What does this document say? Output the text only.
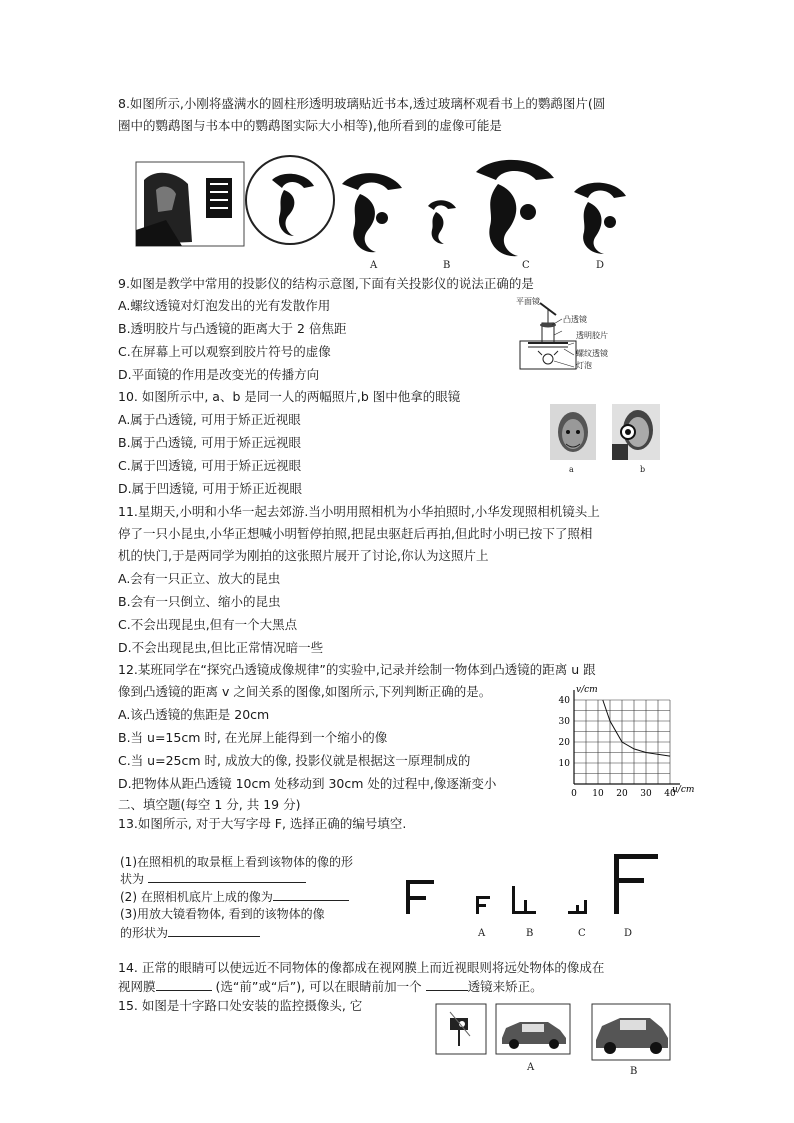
8.如图所示,小刚将盛满水的圆柱形透明玻璃贴近书本,透过玻璃杯观看书上的鹦鹉图片(圆
圈中的鹦鹉图与书本中的鹦鹉图实际大小相等),他所看到的虚像可能是
A	B	C	D
9.如图是教学中常用的投影仪的结构示意图,下面有关投影仪的说法正确的是
A.螺纹透镜对灯泡发出的光有发散作用
B.透明胶片与凸透镜的距离大于 2 倍焦距
C.在屏幕上可以观察到胶片符号的虚像
D.平面镜的作用是改变光的传播方向
平面镜
凸透镜
透明胶片
螺纹透镜
灯泡
10. 如图所示中, a、b 是同一人的两幅照片,b 图中他拿的眼镜
A.属于凸透镜, 可用于矫正近视眼
B.属于凸透镜, 可用于矫正远视眼
C.属于凹透镜, 可用于矫正远视眼
D.属于凹透镜, 可用于矫正近视眼
a	b
11.星期天,小明和小华一起去郊游.当小明用照相机为小华拍照时,小华发现照相机镜头上
停了一只小昆虫,小华正想喊小明暂停拍照,把昆虫驱赶后再拍,但此时小明已按下了照相
机的快门,于是两同学为刚拍的这张照片展开了讨论,你认为这照片上
A.会有一只正立、放大的昆虫
B.会有一只倒立、缩小的昆虫
C.不会出现昆虫,但有一个大黑点
D.不会出现昆虫,但比正常情况暗一些
12.某班同学在“探究凸透镜成像规律”的实验中,记录并绘制一物体到凸透镜的距离 u 跟
像到凸透镜的距离 v 之间关系的图像,如图所示,下列判断正确的是。
A.该凸透镜的焦距是 20cm
B.当 u=15cm 时, 在光屏上能得到一个缩小的像
C.当 u=25cm 时, 成放大的像, 投影仪就是根据这一原理制成的
D.把物体从距凸透镜 10cm 处移动到 30cm 处的过程中,像逐渐变小
0 10 20 30 40
10
20
30
40
v/cm
u/cm
二、填空题(每空 1 分, 共 19 分)
13.如图所示, 对于大写字母 F, 选择正确的编号填空.
(1)在照相机的取景框上看到该物体的像的形
状为
(2) 在照相机底片上成的像为
(3)用放大镜看物体, 看到的该物体的像
的形状为	A	B	C	D
14. 正常的眼睛可以使远近不同物体的像都成在视网膜上而近视眼则将远处物体的像成在
视网膜	(选“前”或“后”), 可以在眼睛前加一个	透镜来矫正。
15. 如图是十字路口处安装的监控摄像头, 它
A	B
